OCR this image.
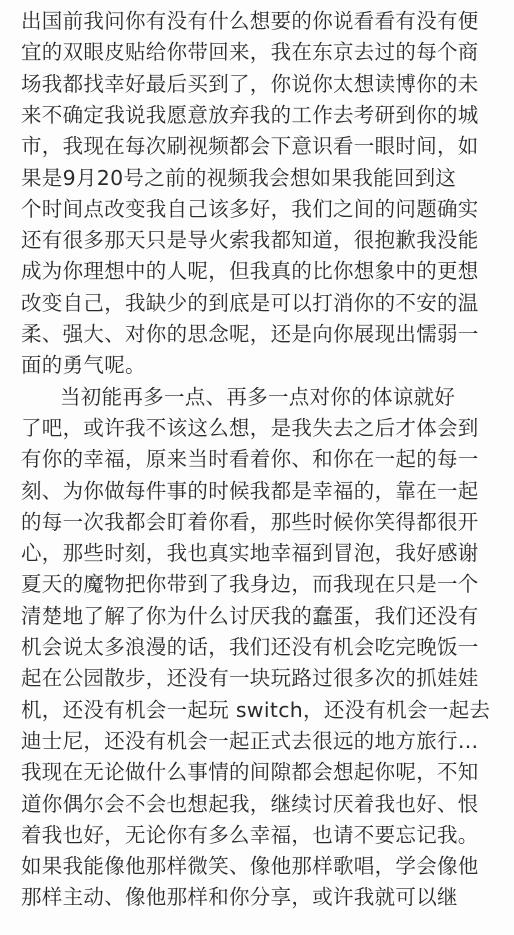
出国前我问你有没有什么想要的你说看看有没有便
宜的双眼皮贴给你带回来，我在东京去过的每个商
场我都找幸好最后买到了，你说你太想读博你的未
来不确定我说我愿意放弃我的工作去考研到你的城
市，我现在每次刷视频都会下意识看一眼时间，如
果是9月20号之前的视频我会想如果我能回到这
个时间点改变我自己该多好，我们之间的问题确实
还有很多那天只是导火索我都知道，很抱歉我没能
成为你理想中的人呢，但我真的比你想象中的更想
改变自己，我缺少的到底是可以打消你的不安的温
柔、强大、对你的思念呢，还是向你展现出懦弱一
面的勇气呢。
当初能再多一点、再多一点对你的体谅就好
了吧，或许我不该这么想，是我失去之后才体会到
有你的幸福，原来当时看着你、和你在一起的每一
刻、为你做每件事的时候我都是幸福的，靠在一起
的每一次我都会盯着你看，那些时候你笑得都很开
心，那些时刻，我也真实地幸福到冒泡，我好感谢
夏天的魔物把你带到了我身边，而我现在只是一个
清楚地了解了你为什么讨厌我的蠢蛋，我们还没有
机会说太多浪漫的话，我们还没有机会吃完晚饭一
起在公园散步，还没有一块玩路过很多次的抓娃娃
机，还没有机会一起玩 switch，还没有机会一起去
迪士尼，还没有机会一起正式去很远的地方旅行…
我现在无论做什么事情的间隙都会想起你呢，不知
道你偶尔会不会也想起我，继续讨厌着我也好、恨
着我也好，无论你有多么幸福，也请不要忘记我。
如果我能像他那样微笑、像他那样歌唱，学会像他
那样主动、像他那样和你分享，或许我就可以继
